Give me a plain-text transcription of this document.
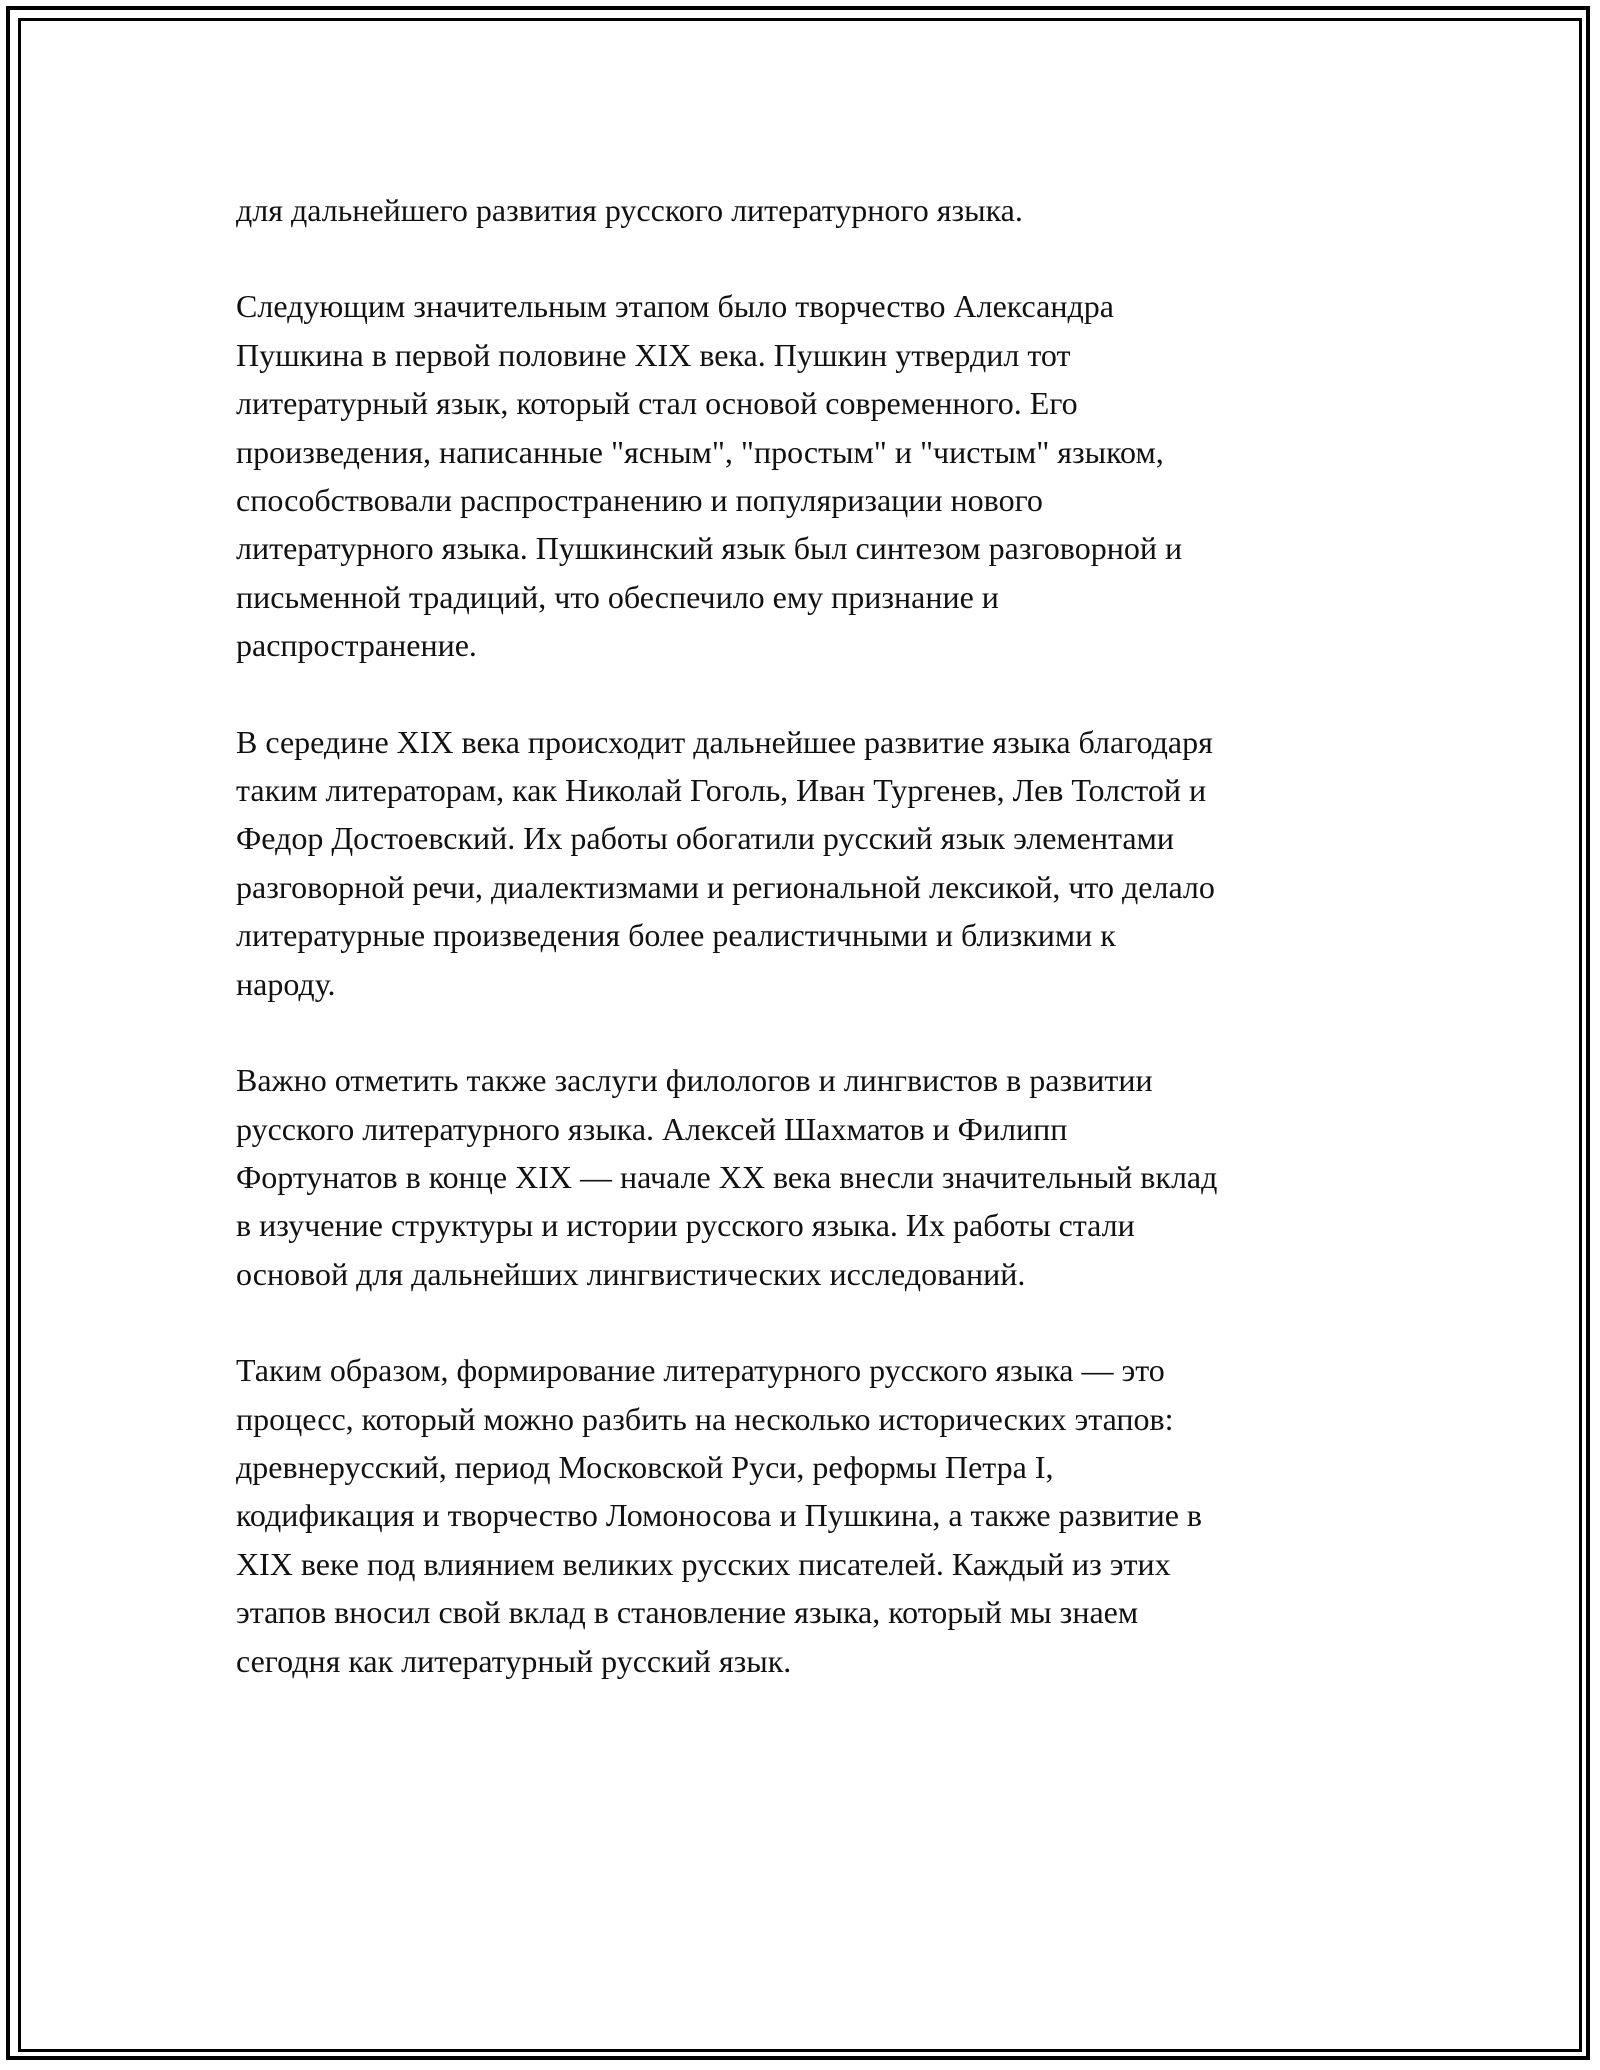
для дальнейшего развития русского литературного языка.

Следующим значительным этапом было творчество Александра
Пушкина в первой половине XIX века. Пушкин утвердил тот
литературный язык, который стал основой современного. Его
произведения, написанные "ясным", "простым" и "чистым" языком,
способствовали распространению и популяризации нового
литературного языка. Пушкинский язык был синтезом разговорной и
письменной традиций, что обеспечило ему признание и
распространение.

В середине XIX века происходит дальнейшее развитие языка благодаря
таким литераторам, как Николай Гоголь, Иван Тургенев, Лев Толстой и
Федор Достоевский. Их работы обогатили русский язык элементами
разговорной речи, диалектизмами и региональной лексикой, что делало
литературные произведения более реалистичными и близкими к
народу.

Важно отметить также заслуги филологов и лингвистов в развитии
русского литературного языка. Алексей Шахматов и Филипп
Фортунатов в конце XIX — начале XX века внесли значительный вклад
в изучение структуры и истории русского языка. Их работы стали
основой для дальнейших лингвистических исследований.

Таким образом, формирование литературного русского языка — это
процесс, который можно разбить на несколько исторических этапов:
древнерусский, период Московской Руси, реформы Петра I,
кодификация и творчество Ломоносова и Пушкина, а также развитие в
XIX веке под влиянием великих русских писателей. Каждый из этих
этапов вносил свой вклад в становление языка, который мы знаем
сегодня как литературный русский язык.
